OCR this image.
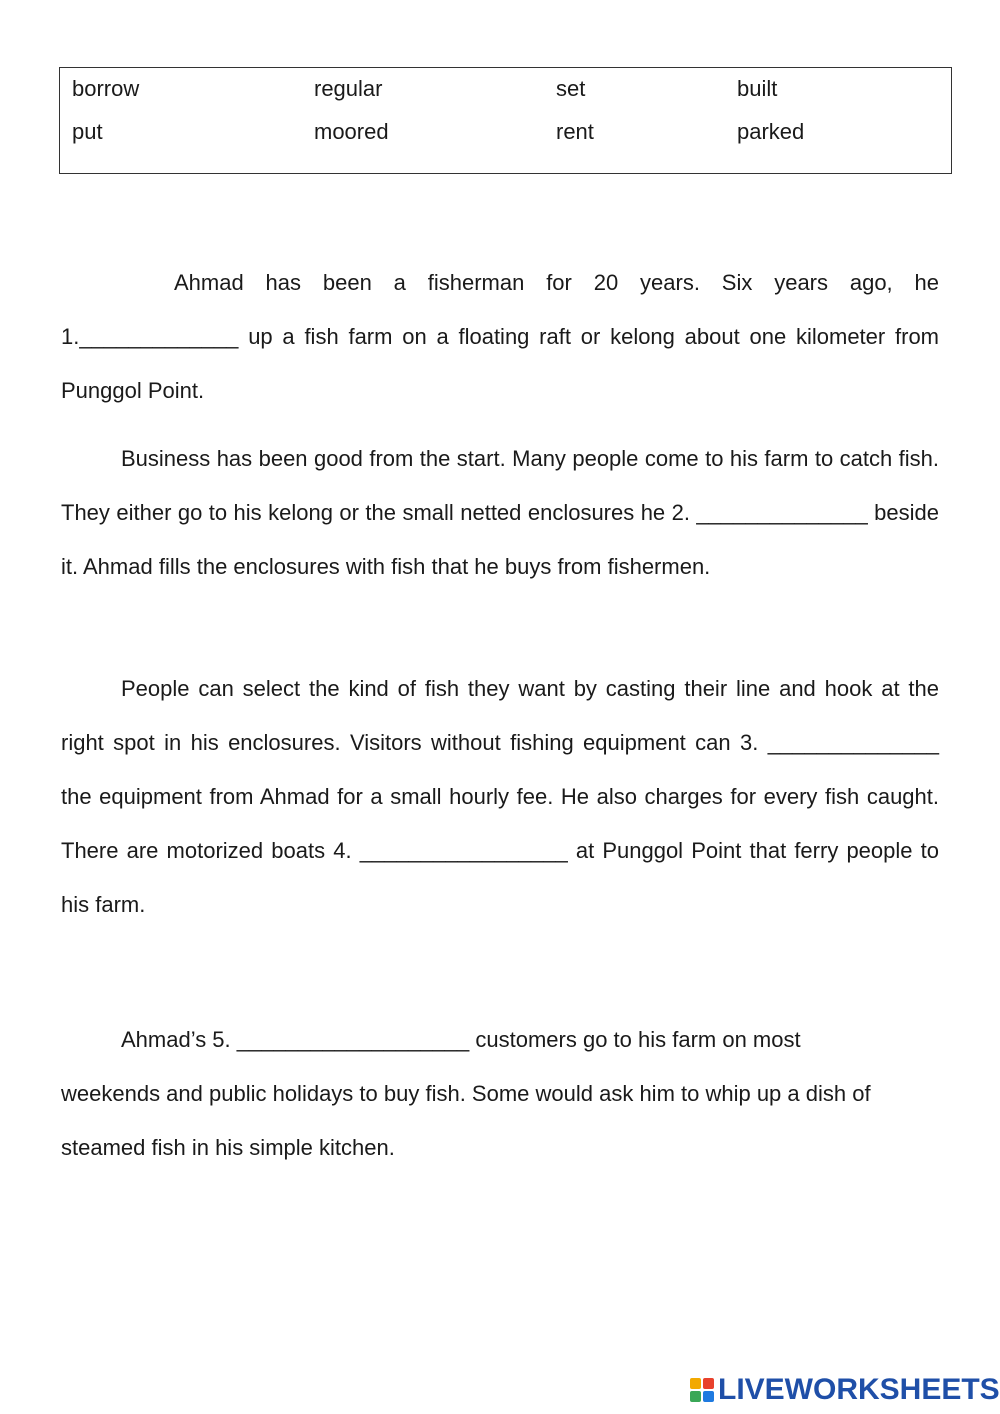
borrow	regular	set	built
put	moored	rent	parked

Ahmad has been a fisherman for 20 years. Six years ago, he 1._____________ up a fish farm on a floating raft or kelong about one kilometer from Punggol Point.

Business has been good from the start. Many people come to his farm to catch fish. They either go to his kelong or the small netted enclosures he 2. ______________ beside it. Ahmad fills the enclosures with fish that he buys from fishermen.

People can select the kind of fish they want by casting their line and hook at the right spot in his enclosures. Visitors without fishing equipment can 3. ______________ the equipment from Ahmad for a small hourly fee. He also charges for every fish caught. There are motorized boats 4. _________________ at Punggol Point that ferry people to his farm.

Ahmad’s 5. ___________________ customers go to his farm on most
weekends and public holidays to buy fish. Some would ask him to whip up a dish of steamed fish in his simple kitchen.

LIVEWORKSHEETS
